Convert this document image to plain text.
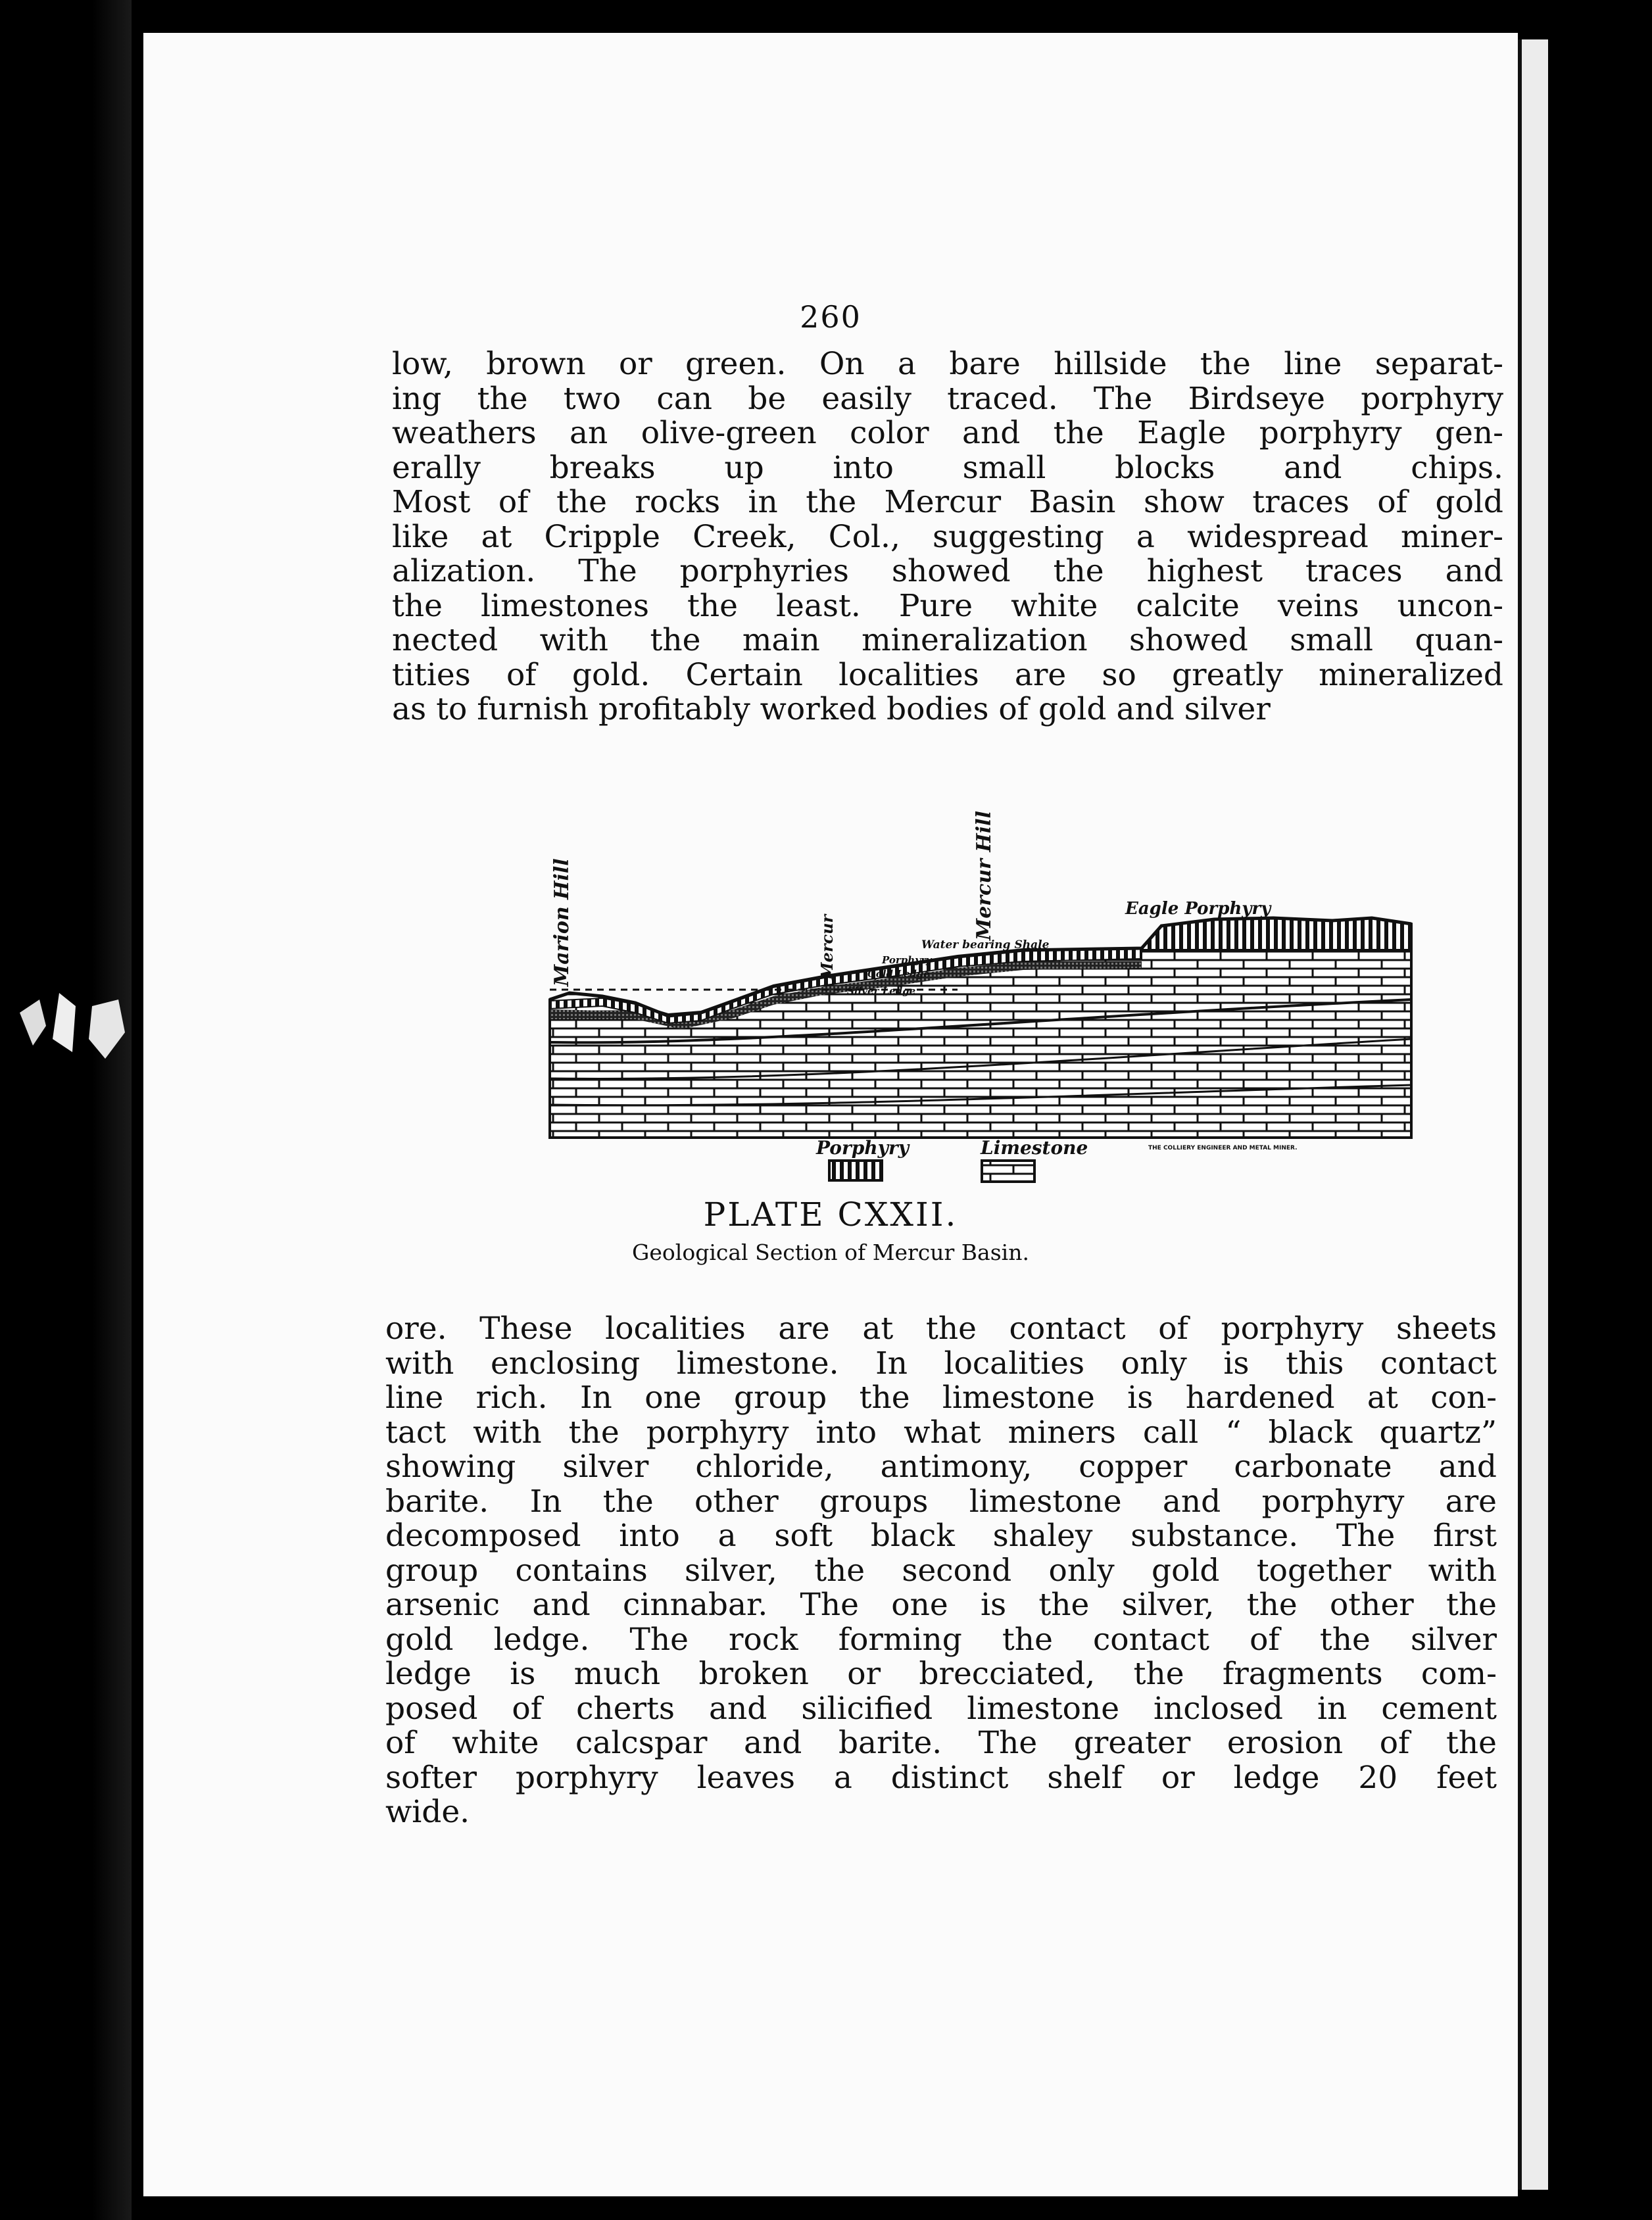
260
low, brown or green. On a bare hillside the line separat-
ing the two can be easily traced. The Birdseye porphyry
weathers an olive-green color and the Eagle porphyry gen-
erally breaks up into small blocks and chips.
Most of the rocks in the Mercur Basin show traces of gold
like at Cripple Creek, Col., suggesting a widespread miner-
alization. The porphyries showed the highest traces and
the limestones the least. Pure white calcite veins uncon-
nected with the main mineralization showed small quan-
tities of gold. Certain localities are so greatly mineralized
as to furnish profitably worked bodies of gold and silver
Marion Hill	Mercur
Mercur Hill	Eagle Porphyry
Water bearing Shale
Porphyry
Gold Ledge
Silver Ledge
THE COLLIERY ENGINEER AND METAL MINER.
Porphyry	Limestone
PLATE CXXII.
Geological Section of Mercur Basin.
ore. These localities are at the contact of porphyry sheets
with enclosing limestone. In localities only is this contact
line rich. In one group the limestone is hardened at con-
tact with the porphyry into what miners call “ black quartz”
showing silver chloride, antimony, copper carbonate and
barite. In the other groups limestone and porphyry are
decomposed into a soft black shaley substance. The first
group contains silver, the second only gold together with
arsenic and cinnabar. The one is the silver, the other the
gold ledge. The rock forming the contact of the silver
ledge is much broken or brecciated, the fragments com-
posed of cherts and silicified limestone inclosed in cement
of white calcspar and barite. The greater erosion of the
softer porphyry leaves a distinct shelf or ledge 20 feet
wide.
